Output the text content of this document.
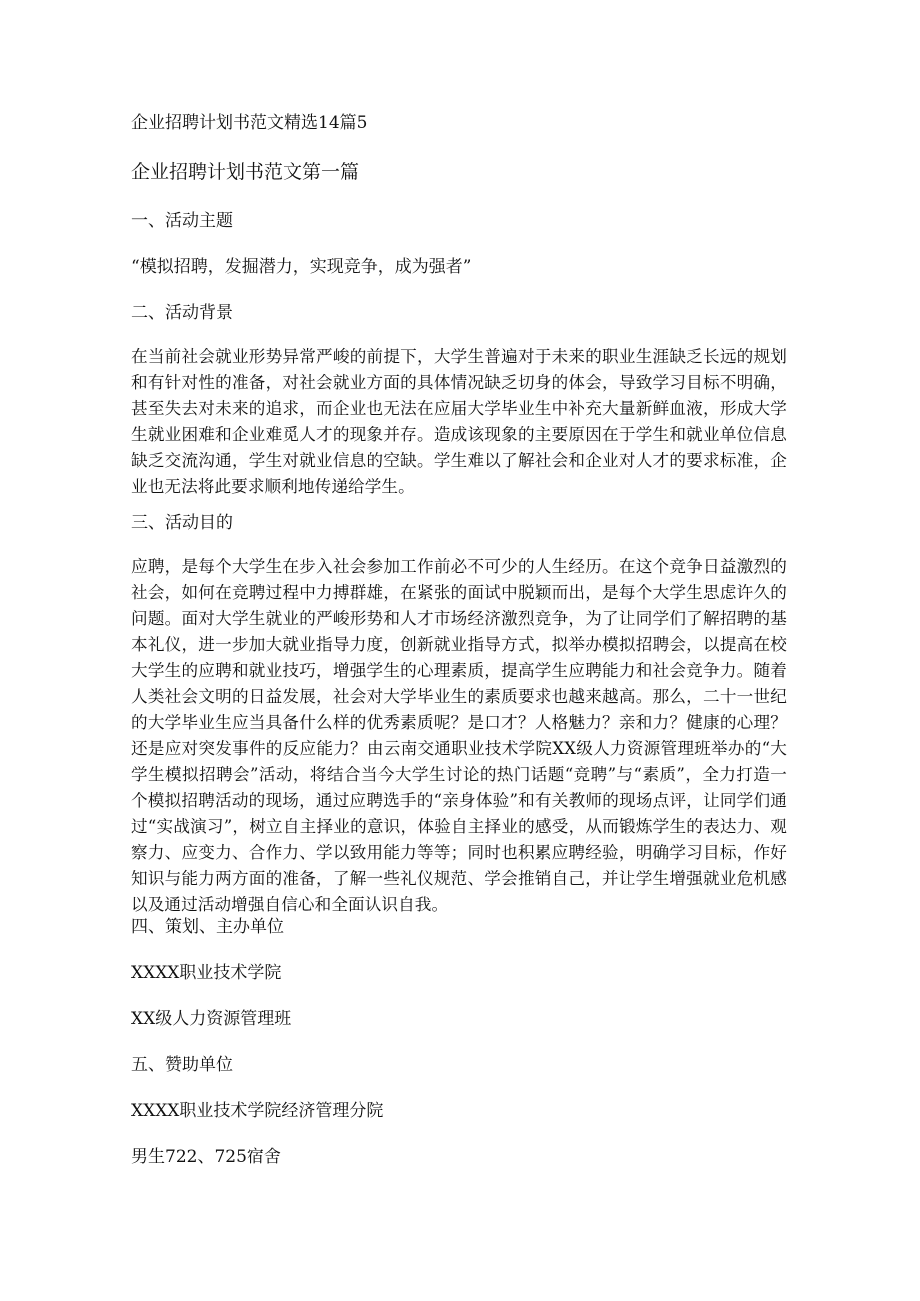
企业招聘计划书范文精选14篇5
企业招聘计划书范文第一篇

一、活动主题

“模拟招聘，发掘潜力，实现竞争，成为强者”

二、活动背景

在当前社会就业形势异常严峻的前提下，大学生普遍对于未来的职业生涯缺乏长远的规划和有针对性的准备，对社会就业方面的具体情况缺乏切身的体会，导致学习目标不明确，甚至失去对未来的追求，而企业也无法在应届大学毕业生中补充大量新鲜血液，形成大学生就业困难和企业难觅人才的现象并存。造成该现象的主要原因在于学生和就业单位信息缺乏交流沟通，学生对就业信息的空缺。学生难以了解社会和企业对人才的要求标准，企业也无法将此要求顺利地传递给学生。

三、活动目的

应聘，是每个大学生在步入社会参加工作前必不可少的人生经历。在这个竞争日益激烈的社会，如何在竞聘过程中力搏群雄，在紧张的面试中脱颖而出，是每个大学生思虑许久的问题。面对大学生就业的严峻形势和人才市场经济激烈竞争，为了让同学们了解招聘的基本礼仪，进一步加大就业指导力度，创新就业指导方式，拟举办模拟招聘会，以提高在校大学生的应聘和就业技巧，增强学生的心理素质，提高学生应聘能力和社会竞争力。随着人类社会文明的日益发展，社会对大学毕业生的素质要求也越来越高。那么，二十一世纪的大学毕业生应当具备什么样的优秀素质呢？是口才？人格魅力？亲和力？健康的心理？还是应对突发事件的反应能力？由云南交通职业技术学院XX级人力资源管理班举办的“大学生模拟招聘会”活动，将结合当今大学生讨论的热门话题“竞聘”与“素质”，全力打造一个模拟招聘活动的现场，通过应聘选手的“亲身体验”和有关教师的现场点评，让同学们通过“实战演习”，树立自主择业的意识，体验自主择业的感受，从而锻炼学生的表达力、观察力、应变力、合作力、学以致用能力等等；同时也积累应聘经验，明确学习目标，作好知识与能力两方面的准备，了解一些礼仪规范、学会推销自己，并让学生增强就业危机感以及通过活动增强自信心和全面认识自我。

四、策划、主办单位

XXXX职业技术学院

XX级人力资源管理班

五、赞助单位

XXXX职业技术学院经济管理分院

男生722、725宿舍
